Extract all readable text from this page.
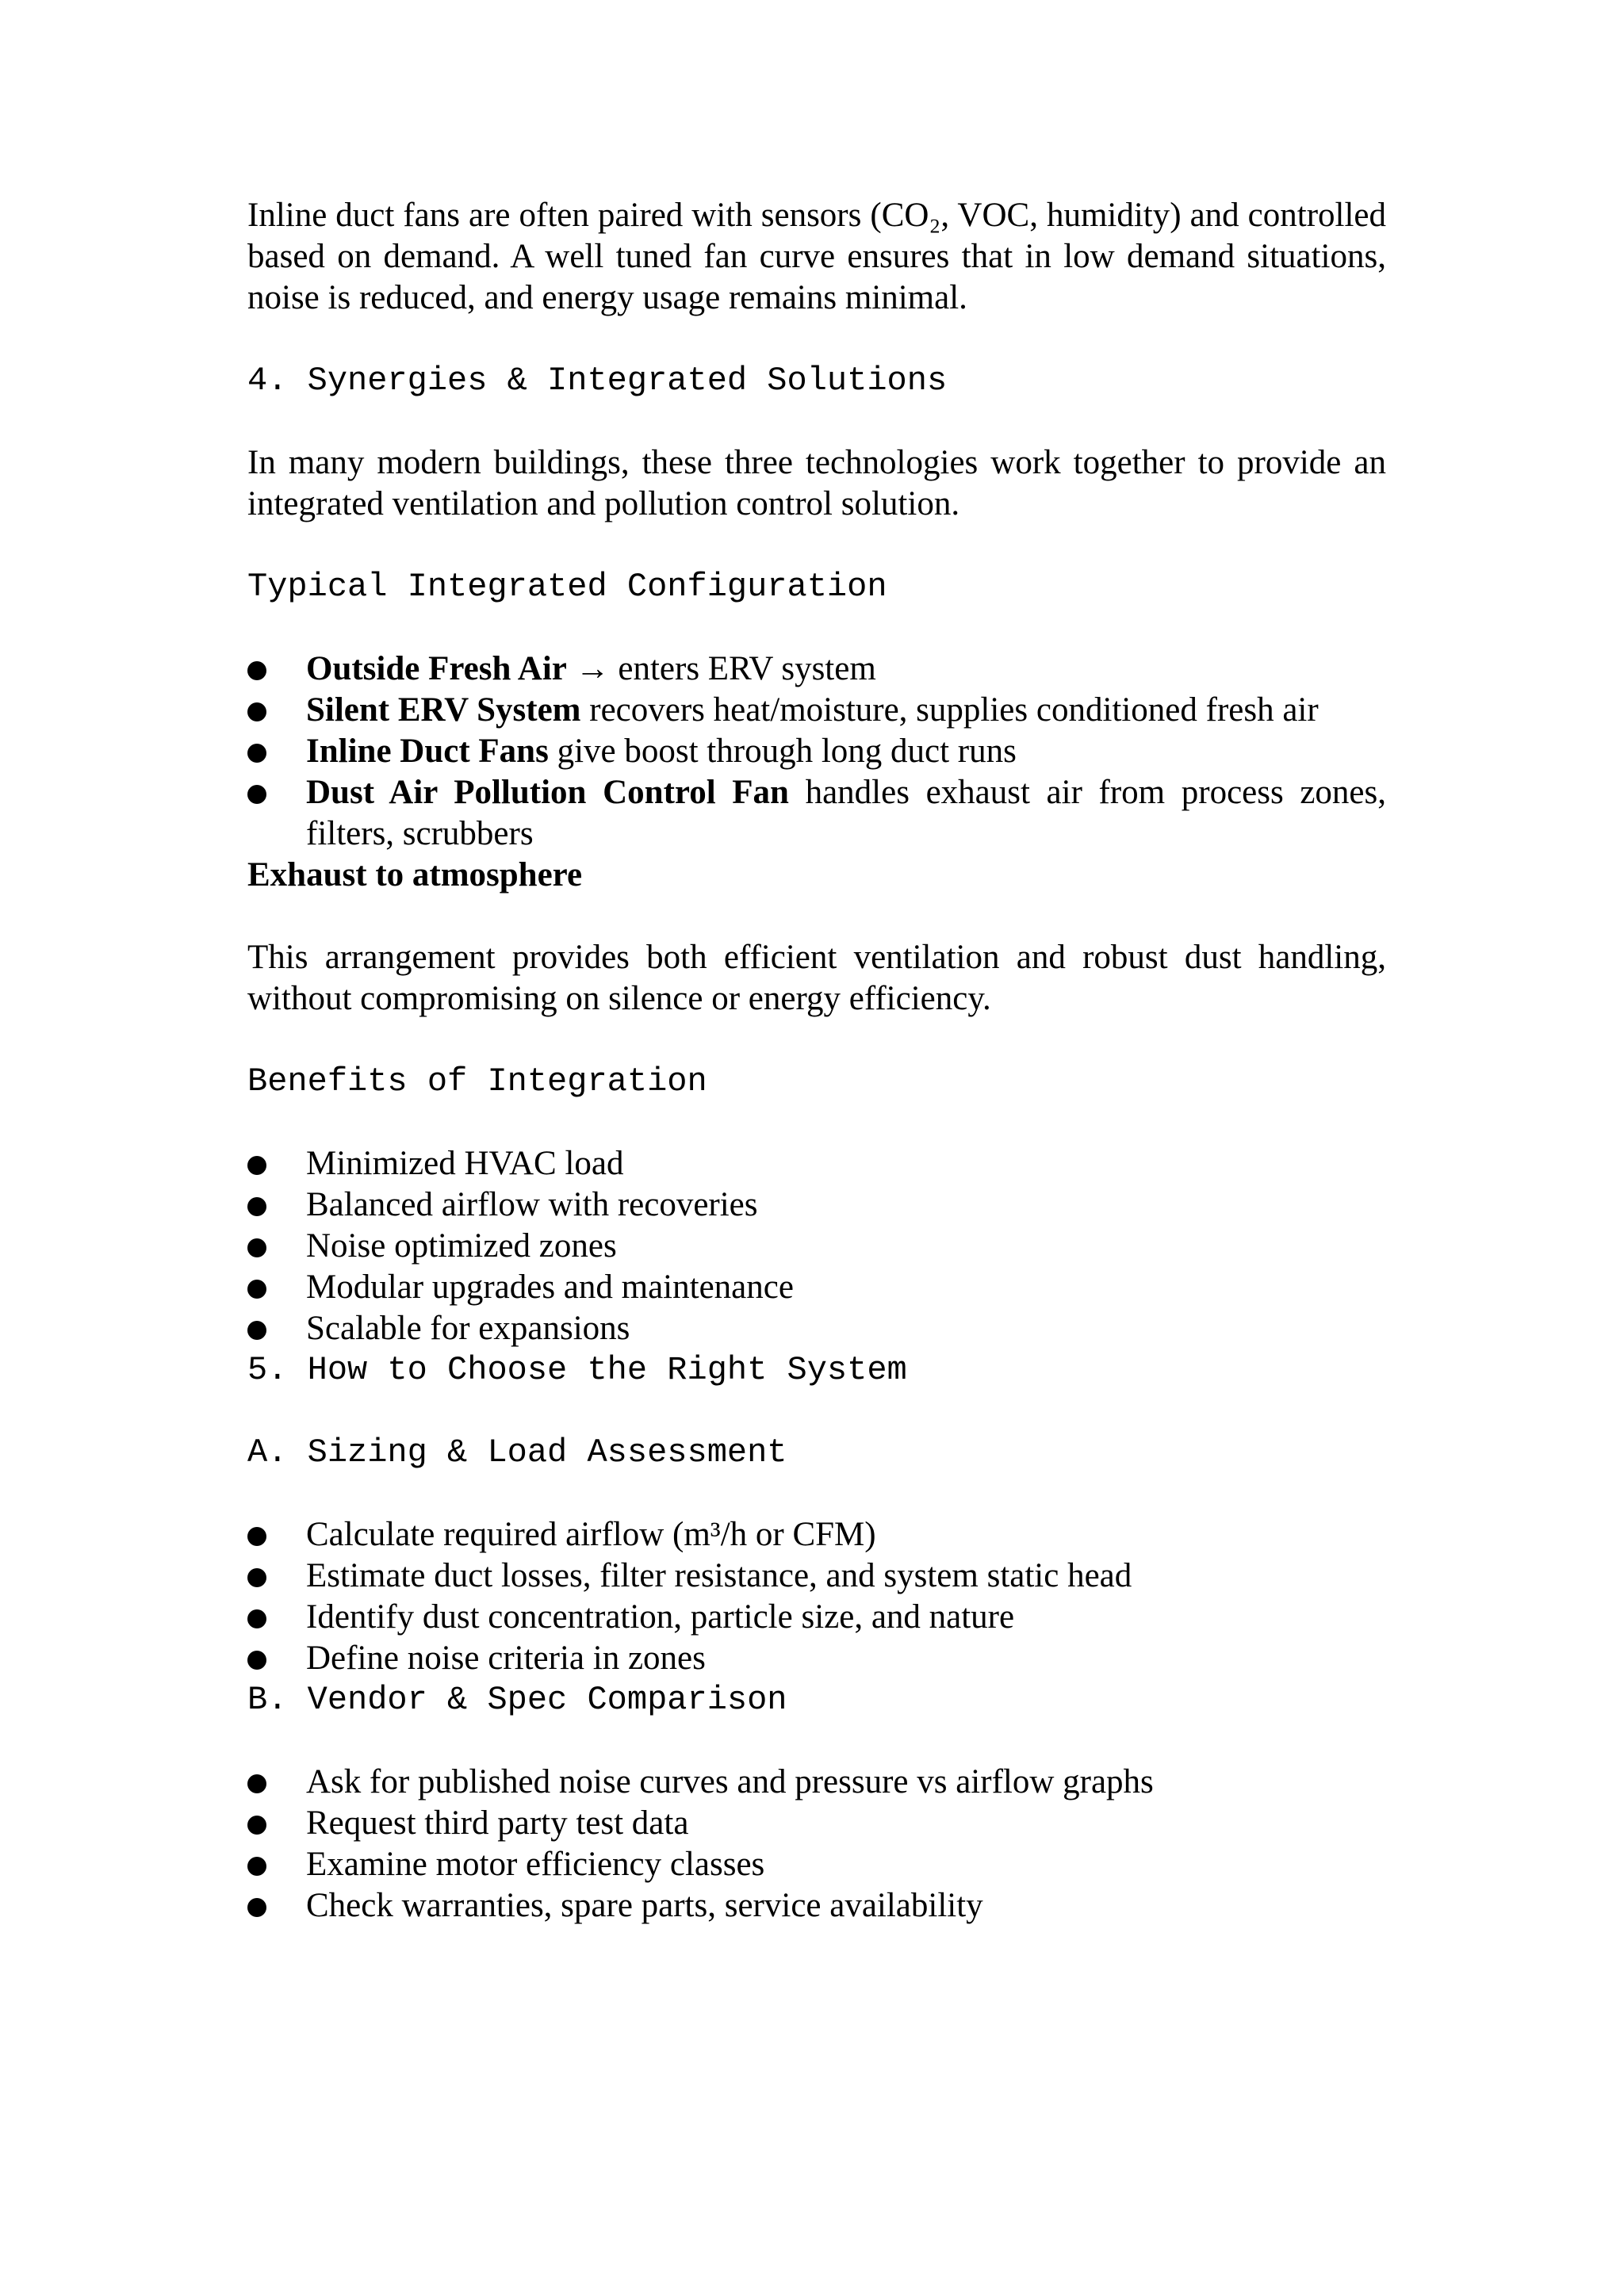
Inline duct fans are often paired with sensors (CO₂, VOC, humidity) and controlled based on demand. A well tuned fan curve ensures that in low demand situations, noise is reduced, and energy usage remains minimal.

4. Synergies & Integrated Solutions

In many modern buildings, these three technologies work together to provide an integrated ventilation and pollution control solution.

Typical Integrated Configuration
Outside Fresh Air → enters ERV system
Silent ERV System recovers heat/moisture, supplies conditioned fresh air
Inline Duct Fans give boost through long duct runs
Dust Air Pollution Control Fan handles exhaust air from process zones, filters, scrubbers

Exhaust to atmosphere

This arrangement provides both efficient ventilation and robust dust handling, without compromising on silence or energy efficiency.

Benefits of Integration
Minimized HVAC load
Balanced airflow with recoveries
Noise optimized zones
Modular upgrades and maintenance
Scalable for expansions
5. How to Choose the Right System
A. Sizing & Load Assessment
Calculate required airflow (m³/h or CFM)
Estimate duct losses, filter resistance, and system static head
Identify dust concentration, particle size, and nature
Define noise criteria in zones
B. Vendor & Spec Comparison
Ask for published noise curves and pressure vs airflow graphs
Request third party test data
Examine motor efficiency classes
Check warranties, spare parts, service availability
